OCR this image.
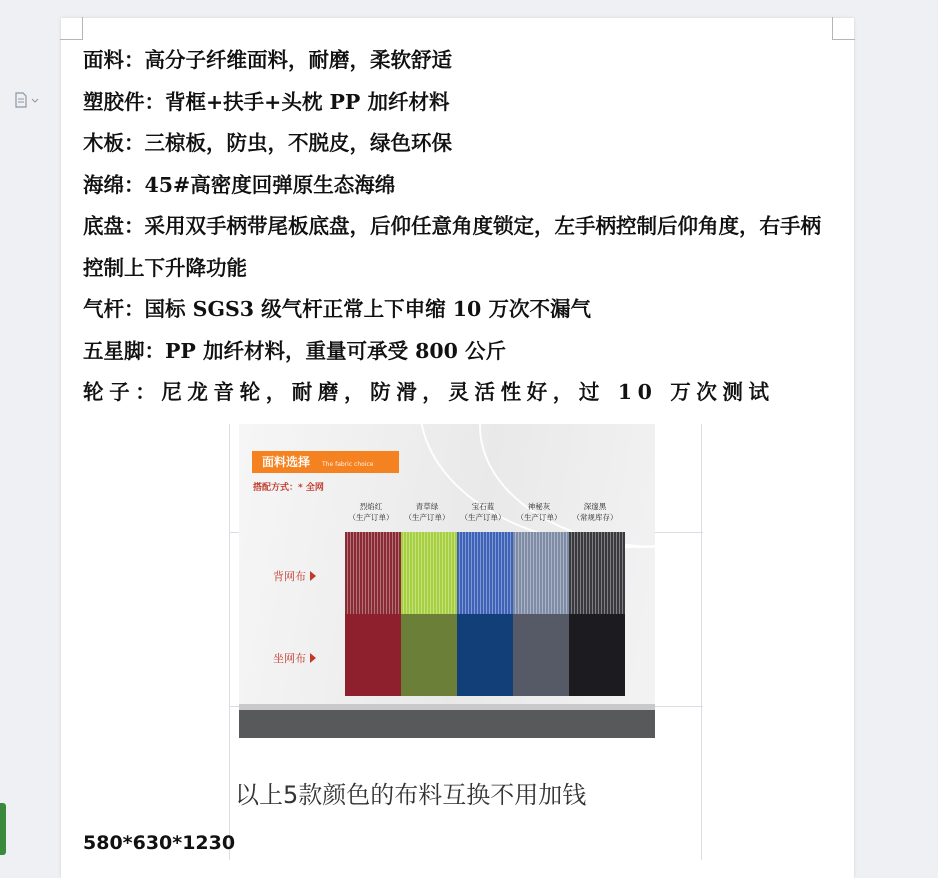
面料：高分子纤维面料，耐磨，柔软舒适
塑胶件：背框+扶手+头枕 PP 加纤材料
木板：三椋板，防虫，不脱皮，绿色环保
海绵：45#高密度回弹原生态海绵
底盘：采用双手柄带尾板底盘，后仰任意角度锁定，左手柄控制后仰角度，右手柄控制上下升降功能
气杆：国标 SGS3 级气杆正常上下申缩 10 万次不漏气
五星脚：PP 加纤材料，重量可承受 800 公斤
轮子：尼龙音轮，耐磨，防滑，灵活性好，过 10 万次测试
面料选择 The fabric choice
搭配方式：* 全网
烈焰红
（生产订单）
青草绿
（生产订单）
宝石蓝
（生产订单）
神秘灰
（生产订单）
深邃黑
（常规库存）
背网布
坐网布
以上5款颜色的布料互换不用加钱
580*630*1230
